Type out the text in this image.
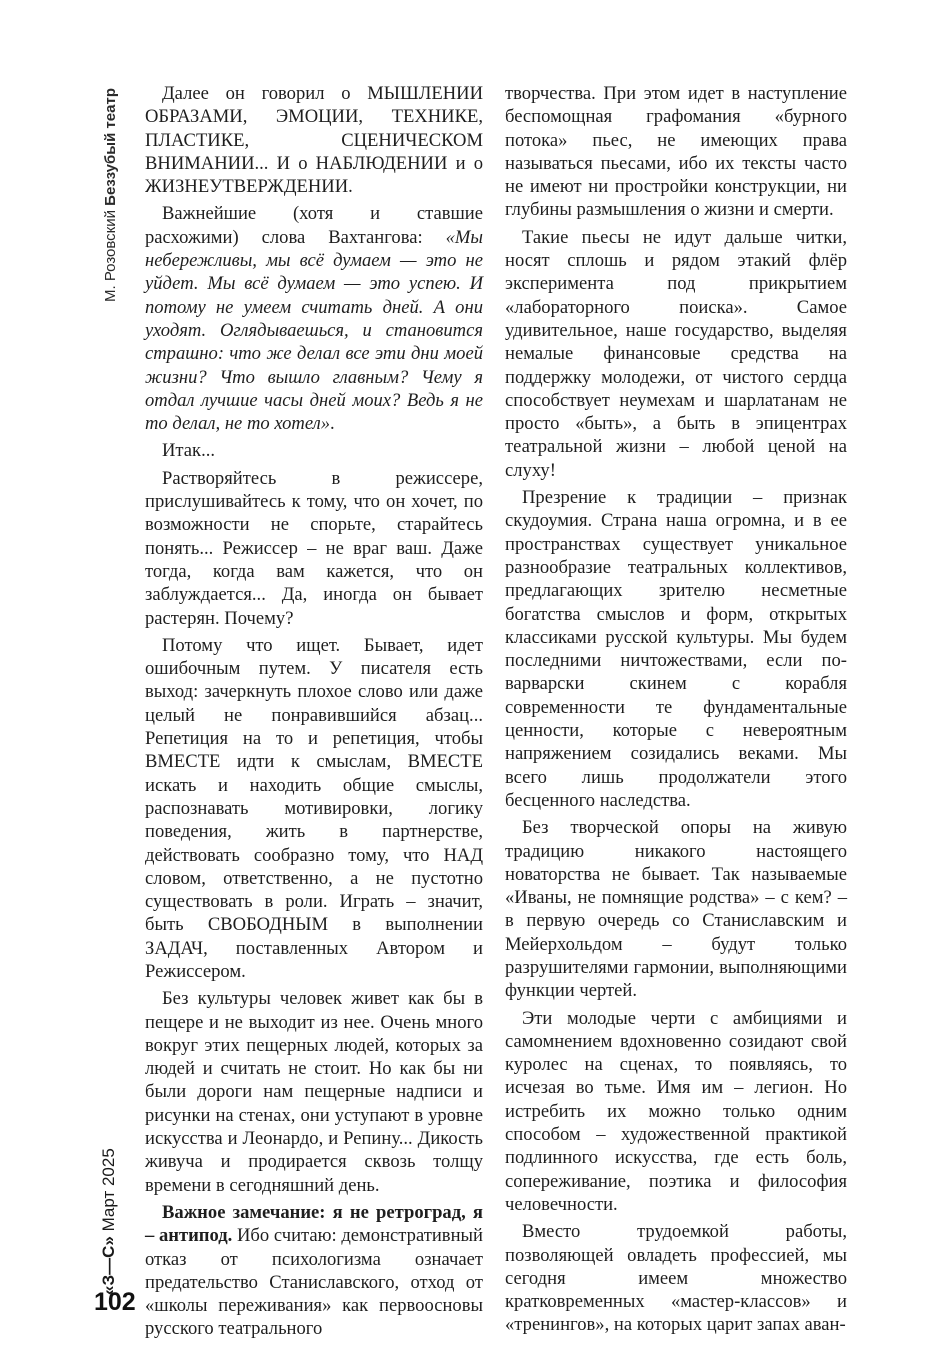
М. Розовский Беззубый театр
«З—С» Март 2025
102

Далее он говорил о МЫШЛЕНИИ ОБРАЗАМИ, ЭМОЦИИ, ТЕХНИКЕ, ПЛАСТИКЕ, СЦЕНИЧЕСКОМ ВНИМАНИИ... И о НАБЛЮДЕНИИ и о ЖИЗНЕУТВЕРЖДЕНИИ.

Важнейшие (хотя и ставшие расхожими) слова Вахтангова: «Мы небережливы, мы всё думаем — это не уйдет. Мы всё думаем — это успею. И потому не умеем считать дней. А они уходят. Оглядываешься, и становится страшно: что же делал все эти дни моей жизни? Что вышло главным? Чему я отдал лучшие часы дней моих? Ведь я не то делал, не то хотел».

Итак...

Растворяйтесь в режиссере, прислушивайтесь к тому, что он хочет, по возможности не спорьте, старайтесь понять... Режиссер – не враг ваш. Даже тогда, когда вам кажется, что он заблуждается... Да, иногда он бывает растерян. Почему?

Потому что ищет. Бывает, идет ошибочным путем. У писателя есть выход: зачеркнуть плохое слово или даже целый не понравившийся абзац... Репетиция на то и репетиция, чтобы ВМЕСТЕ идти к смыслам, ВМЕСТЕ искать и находить общие смыслы, распознавать мотивировки, логику поведения, жить в партнерстве, действовать сообразно тому, что НАД словом, ответственно, а не пустотно существовать в роли. Играть – значит, быть СВОБОДНЫМ в выполнении ЗАДАЧ, поставленных Автором и Режиссером.

Без культуры человек живет как бы в пещере и не выходит из нее. Очень много вокруг этих пещерных людей, которых за людей и считать не стоит. Но как бы ни были дороги нам пещерные надписи и рисунки на стенах, они уступают в уровне искусства и Леонардо, и Репину... Дикость живуча и продирается сквозь толщу времени в сегодняшний день.

Важное замечание: я не ретроград, я – антипод. Ибо считаю: демонстративный отказ от психологизма означает предательство Станиславского, отход от «школы переживания» как первоосновы русского театрального

творчества. При этом идет в наступление беспомощная графомания «бурного потока» пьес, не имеющих права называться пьесами, ибо их тексты часто не имеют ни простройки конструкции, ни глубины размышления о жизни и смерти.

Такие пьесы не идут дальше читки, носят сплошь и рядом этакий флёр эксперимента под прикрытием «лабораторного поиска». Самое удивительное, наше государство, выделяя немалые финансовые средства на поддержку молодежи, от чистого сердца способствует неумехам и шарлатанам не просто «быть», а быть в эпицентрах театральной жизни – любой ценой на слуху!

Презрение к традиции – признак скудоумия. Страна наша огромна, и в ее пространствах существует уникальное разнообразие театральных коллективов, предлагающих зрителю несметные богатства смыслов и форм, открытых классиками русской культуры. Мы будем последними ничтожествами, если по-варварски скинем с корабля современности те фундаментальные ценности, которые с невероятным напряжением созидались веками. Мы всего лишь продолжатели этого бесценного наследства.

Без творческой опоры на живую традицию никакого настоящего новаторства не бывает. Так называемые «Иваны, не помнящие родства» – с кем? – в первую очередь со Станиславским и Мейерхольдом – будут только разрушителями гармонии, выполняющими функции чертей.

Эти молодые черти с амбициями и самомнением вдохновенно созидают свой куролес на сценах, то появляясь, то исчезая во тьме. Имя им – легион. Но истребить их можно только одним способом – художественной практикой подлинного искусства, где есть боль, сопереживание, поэтика и философия человечности.

Вместо трудоемкой работы, позволяющей овладеть профессией, мы сегодня имеем множество кратковременных «мастер-классов» и «тренингов», на которых царит запах аван-
